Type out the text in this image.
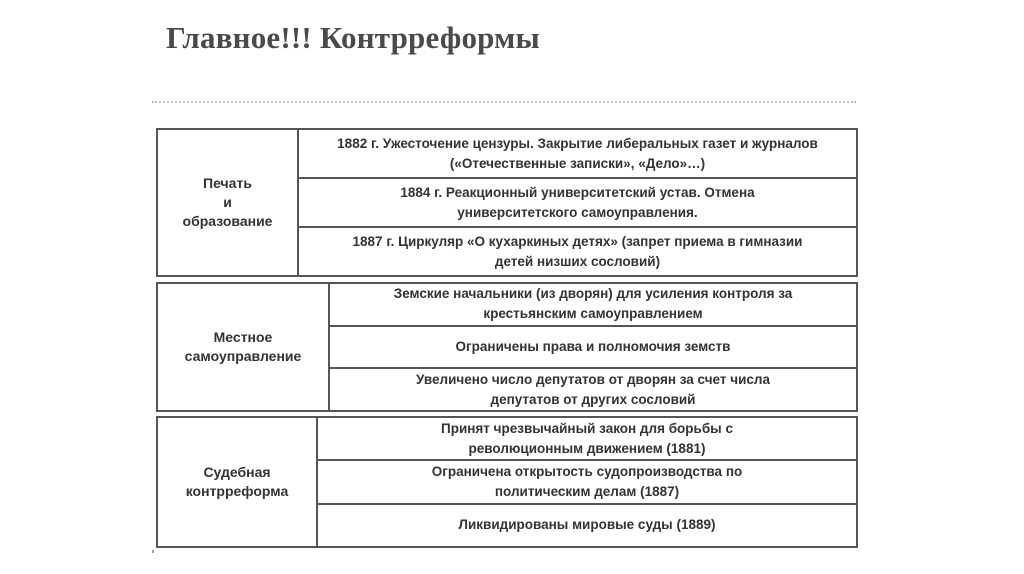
Главное!!! Контрреформы
Печать
и
образование
1882 г. Ужесточение цензуры. Закрытие либеральных газет и журналов («Отечественные записки», «Дело»…)
1884 г. Реакционный университетский устав. Отмена университетского самоуправления.
1887 г. Циркуляр «О кухаркиных детях» (запрет приема в гимназии детей низших сословий)
Местное
самоуправление
Земские начальники (из дворян) для усиления контроля за крестьянским самоуправлением
Ограничены права и полномочия земств
Увеличено число депутатов от дворян за счет числа депутатов от других сословий
Судебная
контрреформа
Принят чрезвычайный закон для борьбы с революционным движением (1881)
Ограничена открытость судопроизводства по политическим делам (1887)
Ликвидированы мировые суды (1889)
